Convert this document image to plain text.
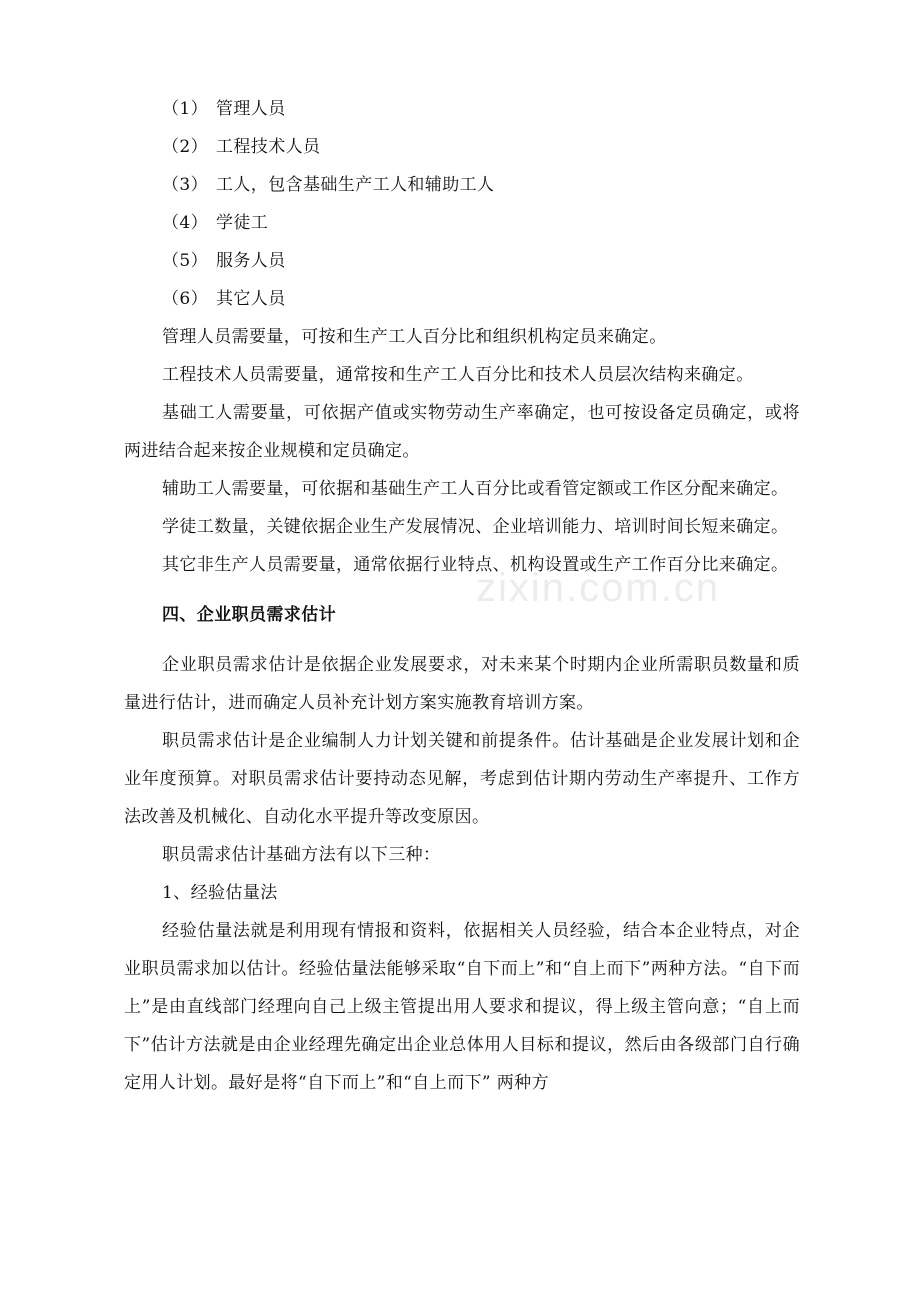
zixin.com.cn

（1） 管理人员

（2） 工程技术人员

（3） 工人，包含基础生产工人和辅助工人

（4） 学徒工

（5） 服务人员

（6） 其它人员

管理人员需要量，可按和生产工人百分比和组织机构定员来确定。

工程技术人员需要量，通常按和生产工人百分比和技术人员层次结构来确定。

基础工人需要量，可依据产值或实物劳动生产率确定，也可按设备定员确定，或将两进结合起来按企业规模和定员确定。

辅助工人需要量，可依据和基础生产工人百分比或看管定额或工作区分配来确定。

学徒工数量，关键依据企业生产发展情况、企业培训能力、培训时间长短来确定。

其它非生产人员需要量，通常依据行业特点、机构设置或生产工作百分比来确定。

四、企业职员需求估计

企业职员需求估计是依据企业发展要求，对未来某个时期内企业所需职员数量和质量进行估计，进而确定人员补充计划方案实施教育培训方案。

职员需求估计是企业编制人力计划关键和前提条件。估计基础是企业发展计划和企业年度预算。对职员需求估计要持动态见解，考虑到估计期内劳动生产率提升、工作方法改善及机械化、自动化水平提升等改变原因。

职员需求估计基础方法有以下三种：

1、经验估量法

经验估量法就是利用现有情报和资料，依据相关人员经验，结合本企业特点，对企业职员需求加以估计。经验估量法能够采取“自下而上”和“自上而下”两种方法。“自下而上”是由直线部门经理向自己上级主管提出用人要求和提议，得上级主管向意；“自上而下”估计方法就是由企业经理先确定出企业总体用人目标和提议，然后由各级部门自行确定用人计划。最好是将“自下而上”和“自上而下” 两种方
